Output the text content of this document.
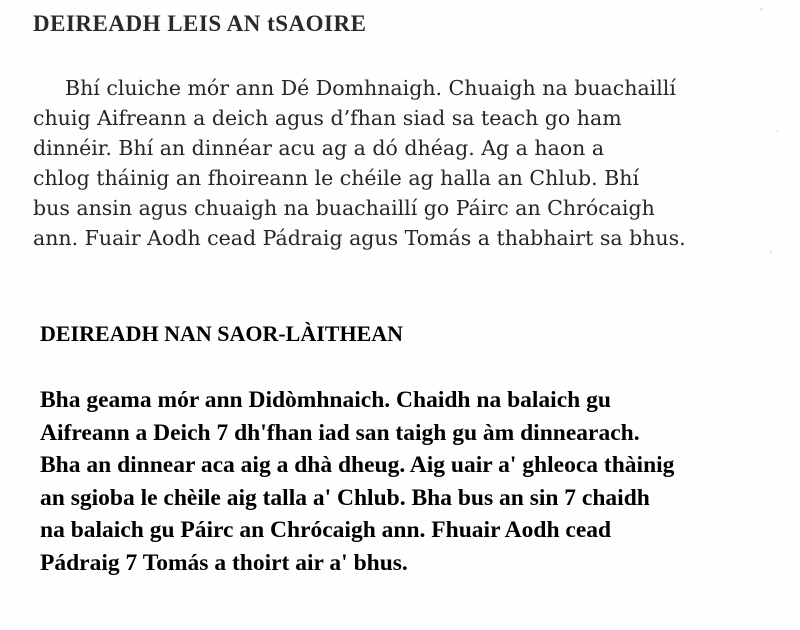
DEIREADH LEIS AN tSAOIRE
Bhí cluiche mór ann Dé Domhnaigh. Chuaigh na buachaillí
chuig Aifreann a deich agus d’fhan siad sa teach go ham
dinnéir. Bhí an dinnéar acu ag a dó dhéag. Ag a haon a
chlog tháinig an fhoireann le chéile ag halla an Chlub. Bhí
bus ansin agus chuaigh na buachaillí go Páirc an Chrócaigh
ann. Fuair Aodh cead Pádraig agus Tomás a thabhairt sa bhus.
DEIREADH NAN SAOR-LÀITHEAN
Bha geama mór ann Didòmhnaich. Chaidh na balaich gu
Aifreann a Deich 7 dh'fhan iad san taigh gu àm dinnearach.
Bha an dinnear aca aig a dhà dheug. Aig uair a' ghleoca thàinig
an sgioba le chèile aig talla a' Chlub. Bha bus an sin 7 chaidh
na balaich gu Páirc an Chrócaigh ann. Fhuair Aodh cead
Pádraig 7 Tomás a thoirt air a' bhus.
